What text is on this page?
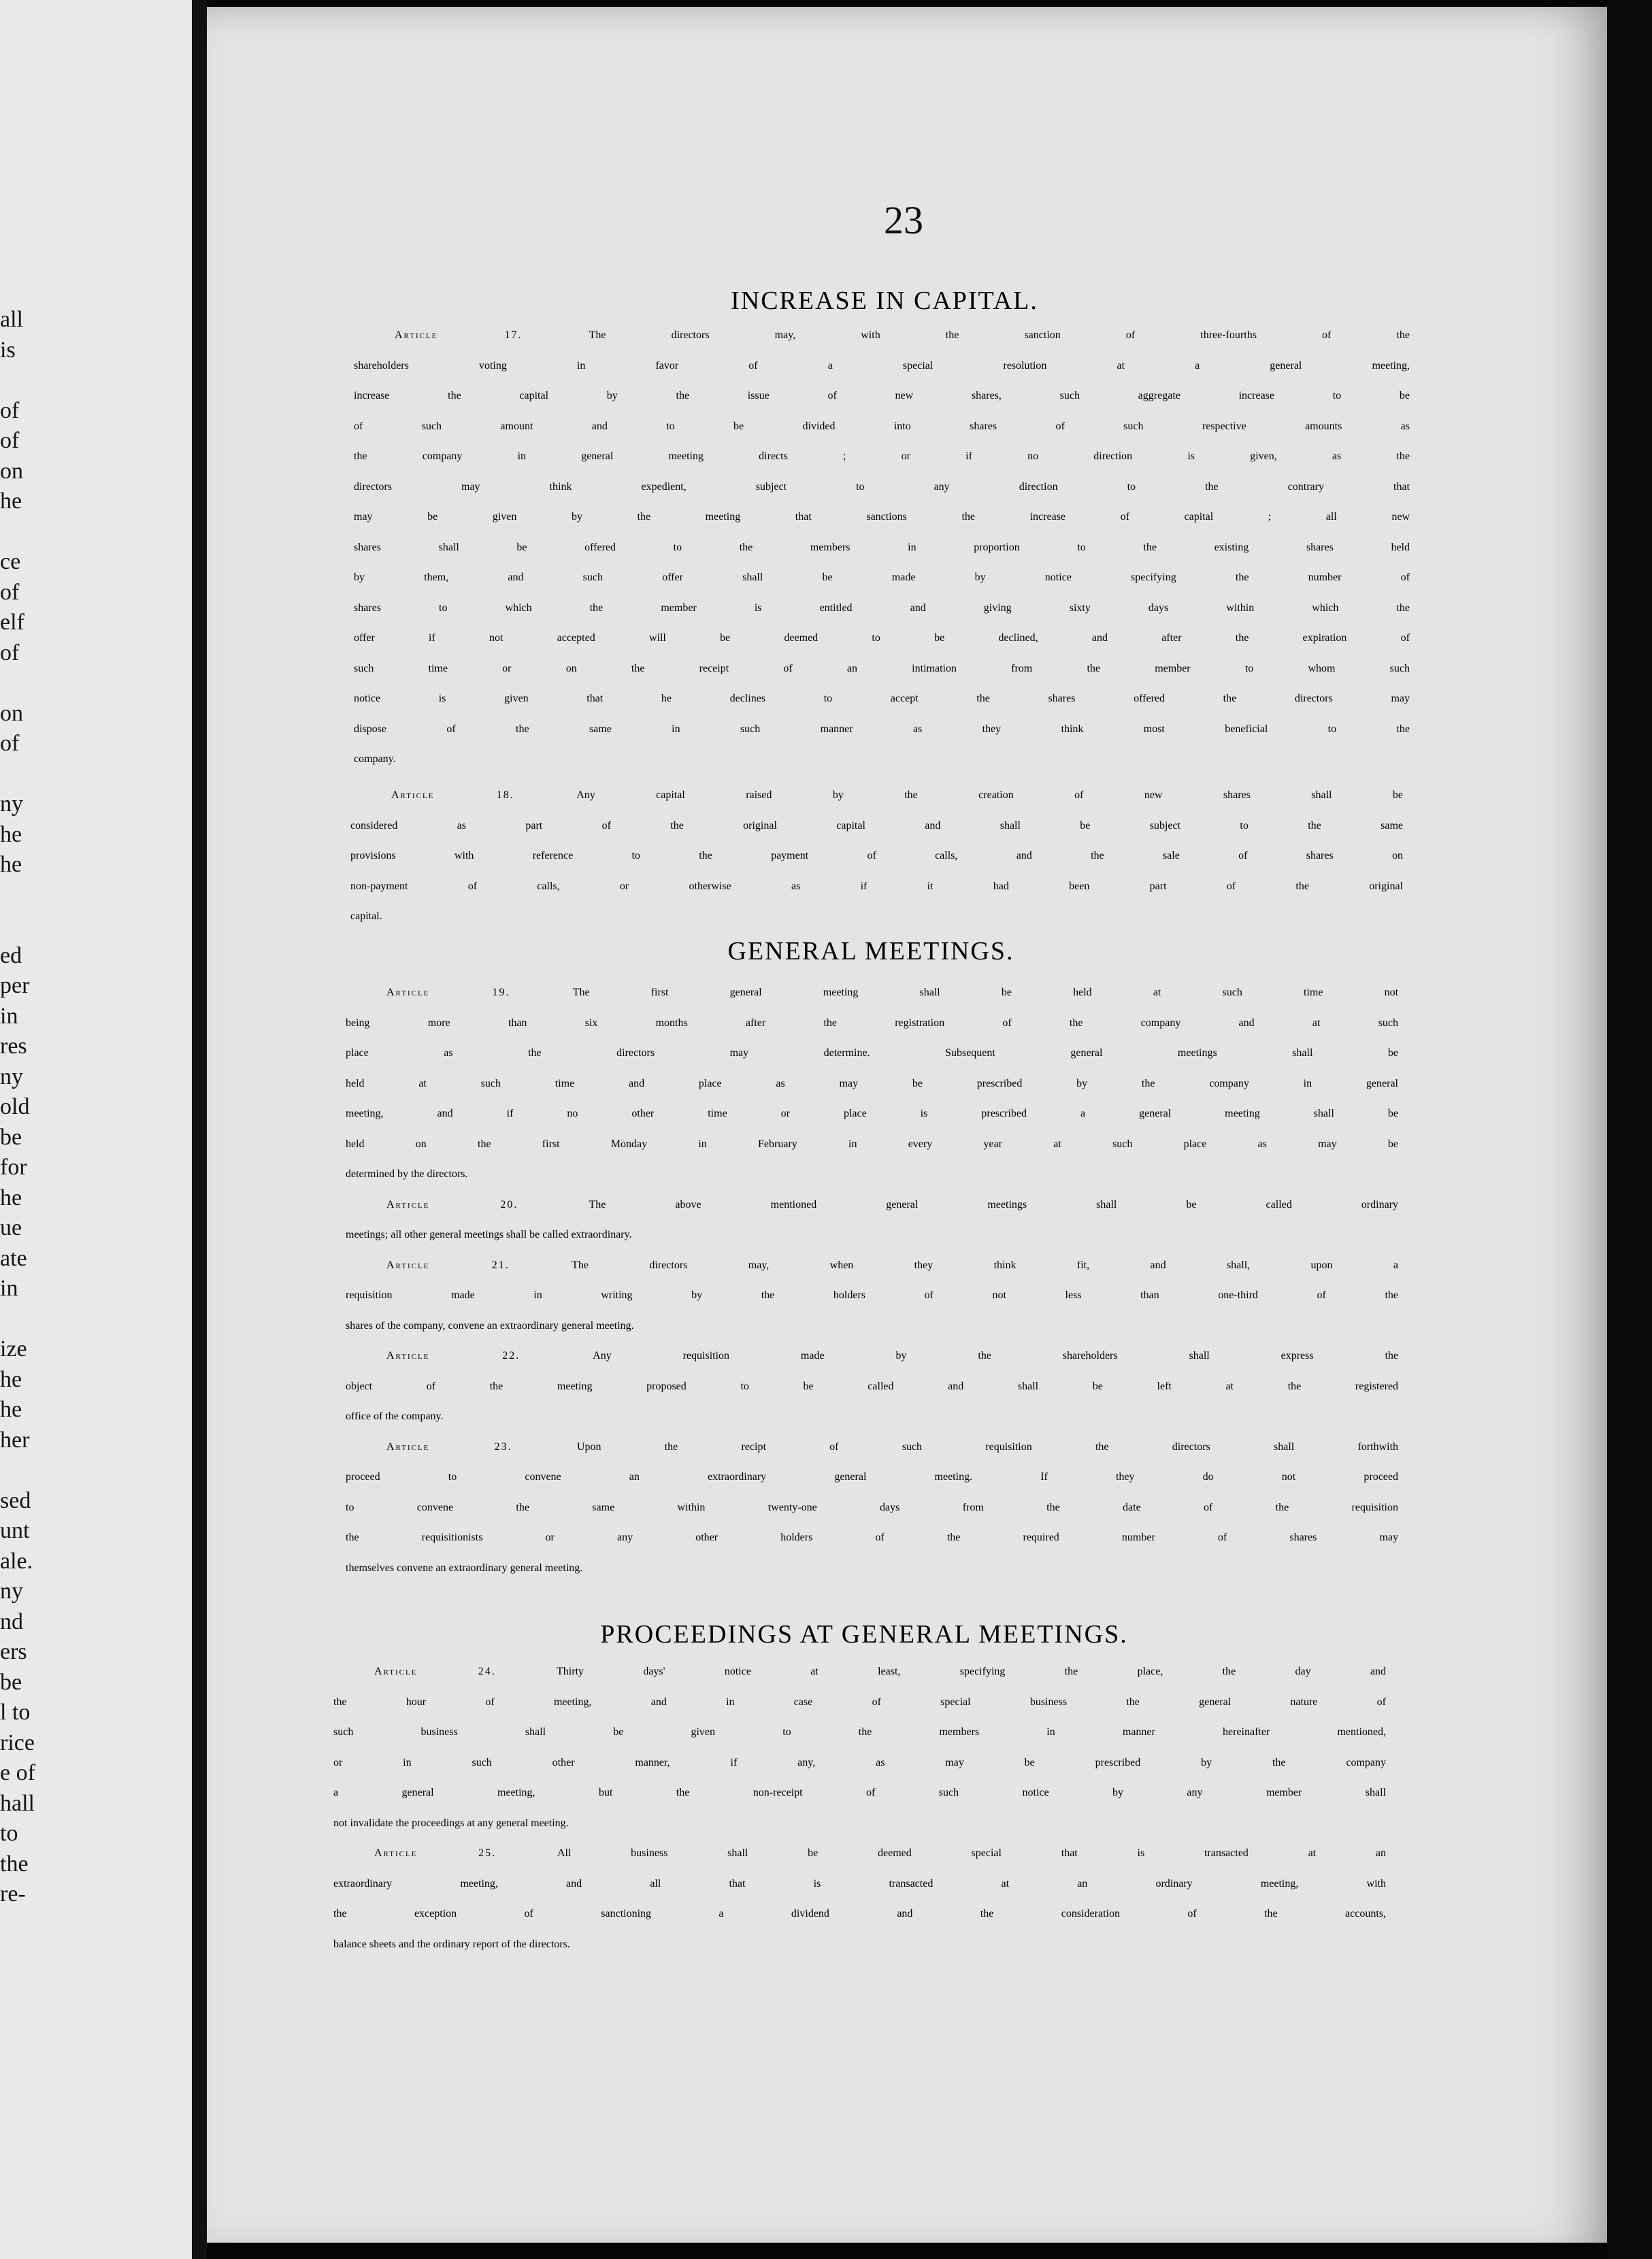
all
is
of
of
on
he
ce
of
elf
of
on
of
ny
he
he
ed
per
in
res
ny
old
be
for
he
ue
ate
in
ize
he
he
her
sed
unt
ale.
ny
nd
ers
be
l to
rice
e of
hall
to
the
re-
23
INCREASE IN CAPITAL.
Article 17. The directors may, with the sanction of three-fourths of the
shareholders voting in favor of a special resolution at a general meeting,
increase the capital by the issue of new shares, such aggregate increase to be
of such amount and to be divided into shares of such respective amounts as
the company in general meeting directs ; or if no direction is given, as the
directors may think expedient, subject to any direction to the contrary that
may be given by the meeting that sanctions the increase of capital ; all new
shares shall be offered to the members in proportion to the existing shares held
by them, and such offer shall be made by notice specifying the number of
shares to which the member is entitled and giving sixty days within which the
offer if not accepted will be deemed to be declined, and after the expiration of
such time or on the receipt of an intimation from the member to whom such
notice is given that he declines to accept the shares offered the directors may
dispose of the same in such manner as they think most beneficial to the
company.
Article 18. Any capital raised by the creation of new shares shall be
considered as part of the original capital and shall be subject to the same
provisions with reference to the payment of calls, and the sale of shares on
non-payment of calls, or otherwise as if it had been part of the original
capital.
GENERAL MEETINGS.
Article 19. The first general meeting shall be held at such time not
being more than six months after the registration of the company and at such
place as the directors may determine. Subsequent general meetings shall be
held at such time and place as may be prescribed by the company in general
meeting, and if no other time or place is prescribed a general meeting shall be
held on the first Monday in February in every year at such place as may be
determined by the directors.
Article 20. The above mentioned general meetings shall be called ordinary
meetings; all other general meetings shall be called extraordinary.
Article 21. The directors may, when they think fit, and shall, upon a
requisition made in writing by the holders of not less than one-third of the
shares of the company, convene an extraordinary general meeting.
Article 22. Any requisition made by the shareholders shall express the
object of the meeting proposed to be called and shall be left at the registered
office of the company.
Article 23. Upon the recipt of such requisition the directors shall forthwith
proceed to convene an extraordinary general meeting. If they do not proceed
to convene the same within twenty-one days from the date of the requisition
the requisitionists or any other holders of the required number of shares may
themselves convene an extraordinary general meeting.
PROCEEDINGS AT GENERAL MEETINGS.
Article 24. Thirty days' notice at least, specifying the place, the day and
the hour of meeting, and in case of special business the general nature of
such business shall be given to the members in manner hereinafter mentioned,
or in such other manner, if any, as may be prescribed by the company
a general meeting, but the non-receipt of such notice by any member shall
not invalidate the proceedings at any general meeting.
Article 25. All business shall be deemed special that is transacted at an
extraordinary meeting, and all that is transacted at an ordinary meeting, with
the exception of sanctioning a dividend and the consideration of the accounts,
balance sheets and the ordinary report of the directors.
